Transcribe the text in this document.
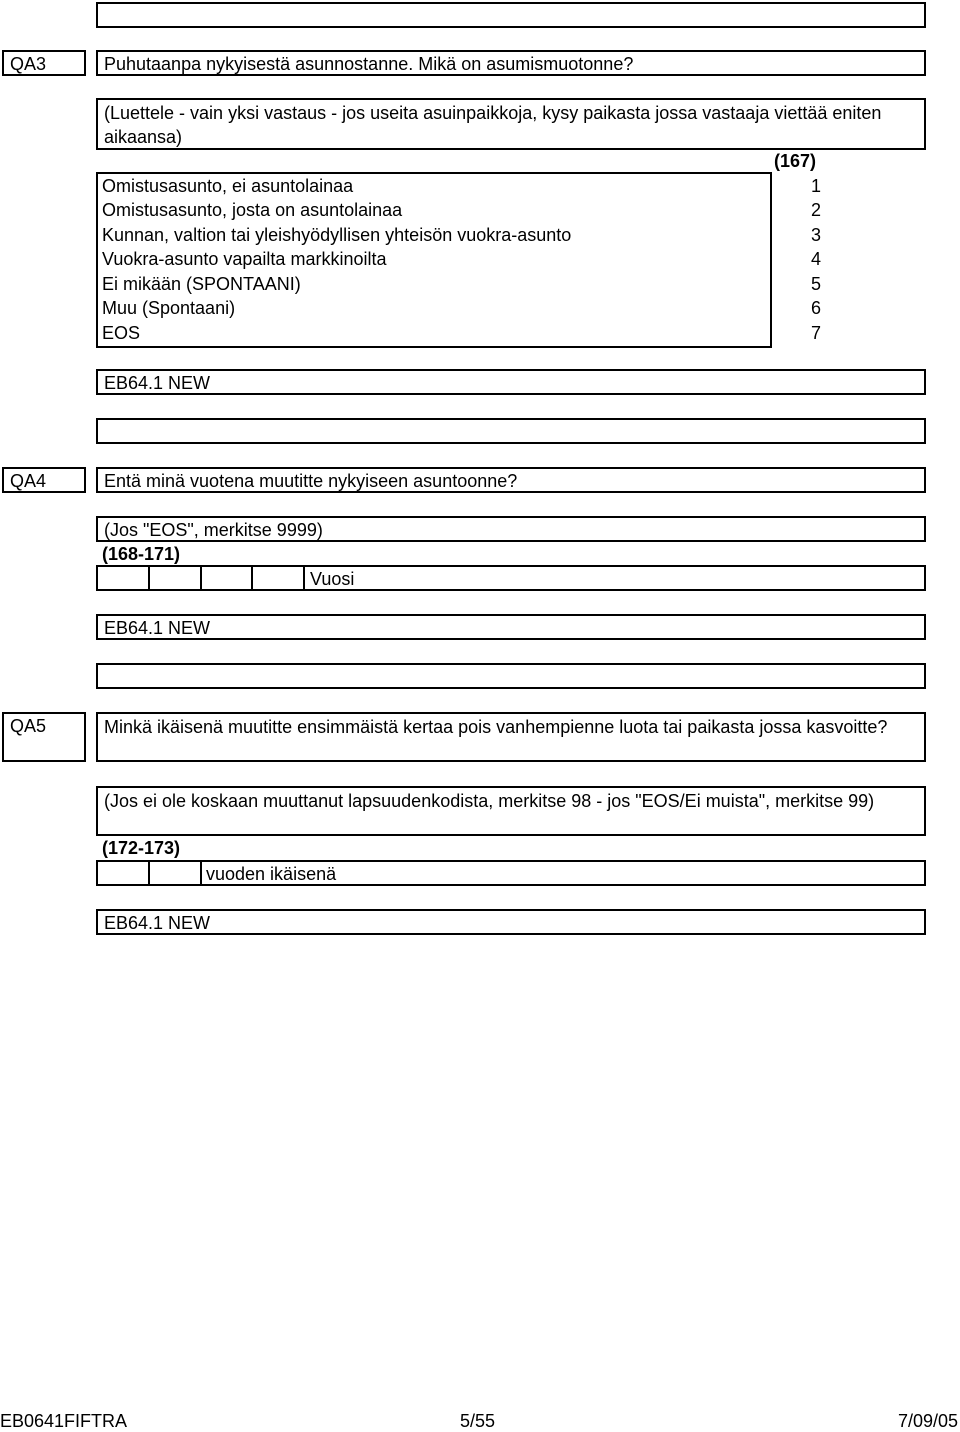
QA3	Puhutaanpa nykyisestä asunnostanne. Mikä on asumismuotonne?
(Luettele - vain yksi vastaus - jos useita asuinpaikkoja, kysy paikasta jossa vastaaja viettää eniten aikaansa)
(167)
Omistusasunto, ei asuntolainaa	1
Omistusasunto, josta on asuntolainaa	2
Kunnan, valtion tai yleishyödyllisen yhteisön vuokra-asunto	3
Vuokra-asunto vapailta markkinoilta	4
Ei mikään (SPONTAANI)	5
Muu (Spontaani)	6
EOS	7
EB64.1 NEW
QA4	Entä minä vuotena muutitte nykyiseen asuntoonne?
(Jos "EOS", merkitse 9999)
(168-171)
Vuosi
EB64.1 NEW
QA5	Minkä ikäisenä muutitte ensimmäistä kertaa pois vanhempienne luota tai paikasta jossa kasvoitte?
(Jos ei ole koskaan muuttanut lapsuudenkodista, merkitse 98 - jos "EOS/Ei muista", merkitse 99)
(172-173)
vuoden ikäisenä
EB64.1 NEW
EB0641FIFTRA	5/55	7/09/05
